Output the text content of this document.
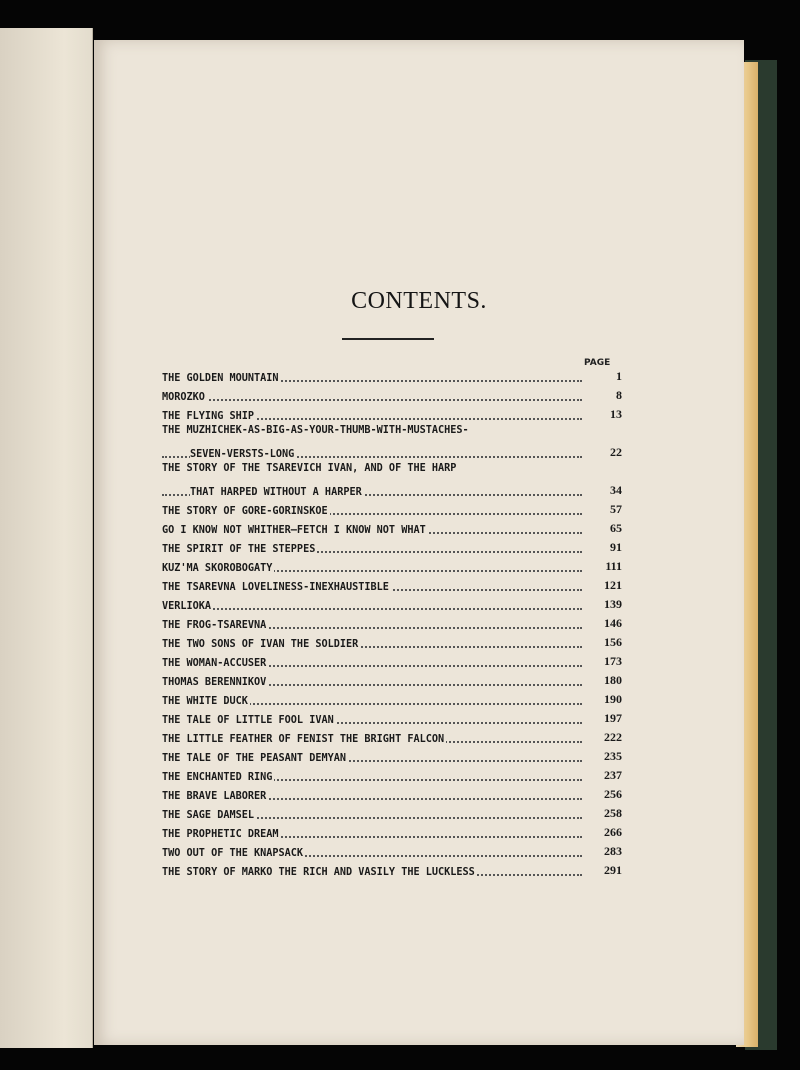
CONTENTS.
PAGE
THE GOLDEN MOUNTAIN	1
MOROZKO	8
THE FLYING SHIP	13
THE MUZHICHEK-AS-BIG-AS-YOUR-THUMB-WITH-MUSTACHES-
SEVEN-VERSTS-LONG	22
THE STORY OF THE TSAREVICH IVAN, AND OF THE HARP
THAT HARPED WITHOUT A HARPER	34
THE STORY OF GORE-GORINSKOE	57
GO I KNOW NOT WHITHER—FETCH I KNOW NOT WHAT	65
THE SPIRIT OF THE STEPPES	91
KUZ'MA SKOROBOGATY	111
THE TSAREVNA LOVELINESS-INEXHAUSTIBLE	121
VERLIOKA	139
THE FROG-TSAREVNA	146
THE TWO SONS OF IVAN THE SOLDIER	156
THE WOMAN-ACCUSER	173
THOMAS BERENNIKOV	180
THE WHITE DUCK	190
THE TALE OF LITTLE FOOL IVAN	197
THE LITTLE FEATHER OF FENIST THE BRIGHT FALCON	222
THE TALE OF THE PEASANT DEMYAN	235
THE ENCHANTED RING	237
THE BRAVE LABORER	256
THE SAGE DAMSEL	258
THE PROPHETIC DREAM	266
TWO OUT OF THE KNAPSACK	283
THE STORY OF MARKO THE RICH AND VASILY THE LUCKLESS	291
